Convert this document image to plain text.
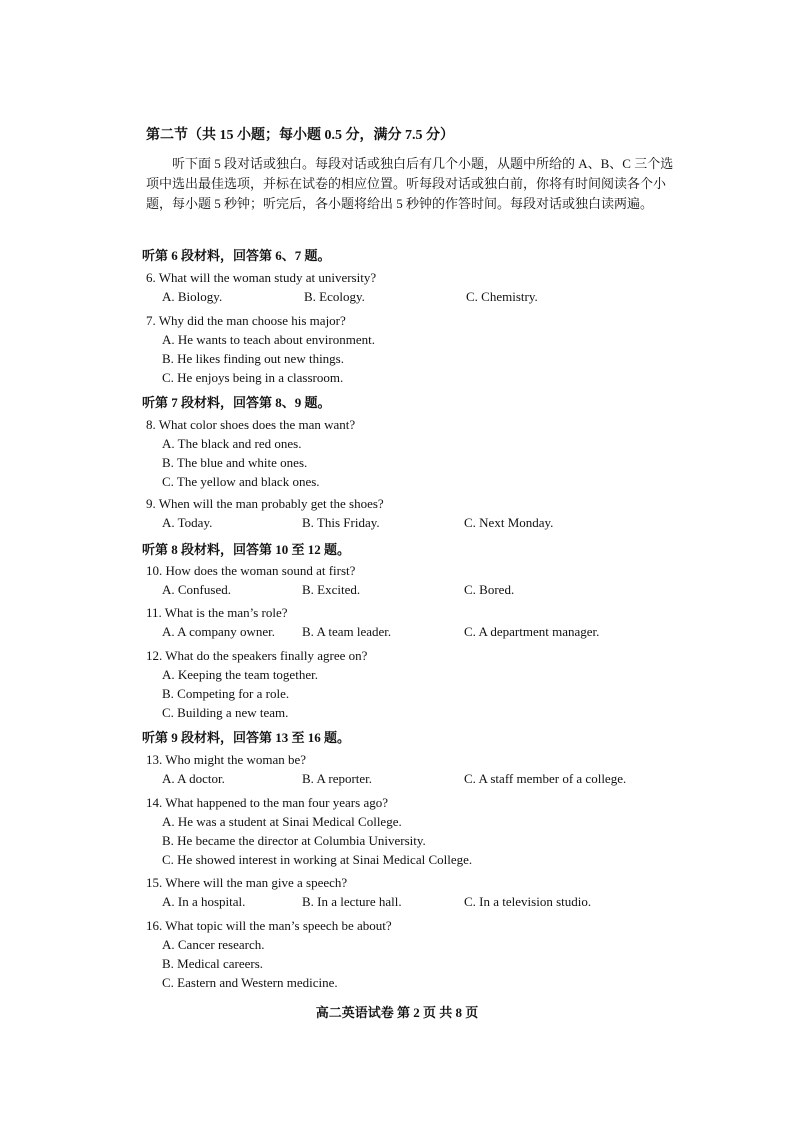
第二节（共 15 小题；每小题 0.5 分，满分 7.5 分）
听下面 5 段对话或独白。每段对话或独白后有几个小题，从题中所给的 A、B、C 三个选项中选出最佳选项，并标在试卷的相应位置。听每段对话或独白前，你将有时间阅读各个小题，每小题 5 秒钟；听完后，各小题将给出 5 秒钟的作答时间。每段对话或独白读两遍。
听第 6 段材料，回答第 6、7 题。
6. What will the woman study at university?
A. Biology.	B. Ecology.	C. Chemistry.
7. Why did the man choose his major?
A. He wants to teach about environment.
B. He likes finding out new things.
C. He enjoys being in a classroom.
听第 7 段材料，回答第 8、9 题。
8. What color shoes does the man want?
A. The black and red ones.
B. The blue and white ones.
C. The yellow and black ones.
9. When will the man probably get the shoes?
A. Today.	B. This Friday.	C. Next Monday.
听第 8 段材料，回答第 10 至 12 题。
10. How does the woman sound at first?
A. Confused.	B. Excited.	C. Bored.
11. What is the man’s role?
A. A company owner.	B. A team leader.	C. A department manager.
12. What do the speakers finally agree on?
A. Keeping the team together.
B. Competing for a role.
C. Building a new team.
听第 9 段材料，回答第 13 至 16 题。
13. Who might the woman be?
A. A doctor.	B. A reporter.	C. A staff member of a college.
14. What happened to the man four years ago?
A. He was a student at Sinai Medical College.
B. He became the director at Columbia University.
C. He showed interest in working at Sinai Medical College.
15. Where will the man give a speech?
A. In a hospital.	B. In a lecture hall.	C. In a television studio.
16. What topic will the man’s speech be about?
A. Cancer research.
B. Medical careers.
C. Eastern and Western medicine.
高二英语试卷 第 2 页 共 8 页
